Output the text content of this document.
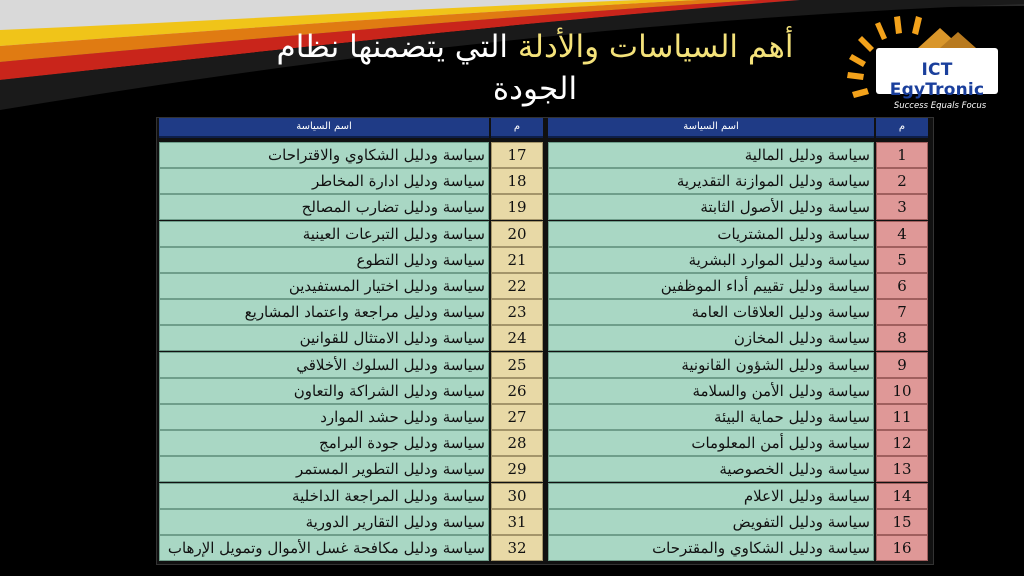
أهم السياسات والأدلة التي يتضمنها نظام الجودة
ICT EgyTronic
Success Equals Focus
م
اسم السياسة
م
اسم السياسة
1
سياسة ودليل المالية
17
سياسة ودليل الشكاوي والاقتراحات
2
سياسة ودليل الموازنة التقديرية
18
سياسة ودليل ادارة المخاطر
3
سياسة ودليل الأصول الثابتة
19
سياسة ودليل تضارب المصالح
4
سياسة ودليل المشتريات
20
سياسة ودليل التبرعات العينية
5
سياسة ودليل الموارد البشرية
21
سياسة ودليل التطوع
6
سياسة ودليل تقييم أداء الموظفين
22
سياسة ودليل اختيار المستفيدين
7
سياسة ودليل العلاقات العامة
23
سياسة ودليل مراجعة واعتماد المشاريع
8
سياسة ودليل المخازن
24
سياسة ودليل الامتثال للقوانين
9
سياسة ودليل الشؤون القانونية
25
سياسة ودليل السلوك الأخلاقي
10
سياسة ودليل الأمن والسلامة
26
سياسة ودليل الشراكة والتعاون
11
سياسة ودليل حماية البيئة
27
سياسة ودليل حشد الموارد
12
سياسة ودليل أمن المعلومات
28
سياسة ودليل جودة البرامج
13
سياسة ودليل الخصوصية
29
سياسة ودليل التطوير المستمر
14
سياسة ودليل الاعلام
30
سياسة ودليل المراجعة الداخلية
15
سياسة ودليل التفويض
31
سياسة ودليل التقارير الدورية
16
سياسة ودليل الشكاوي والمقترحات
32
سياسة ودليل مكافحة غسل الأموال وتمويل الإرهاب
